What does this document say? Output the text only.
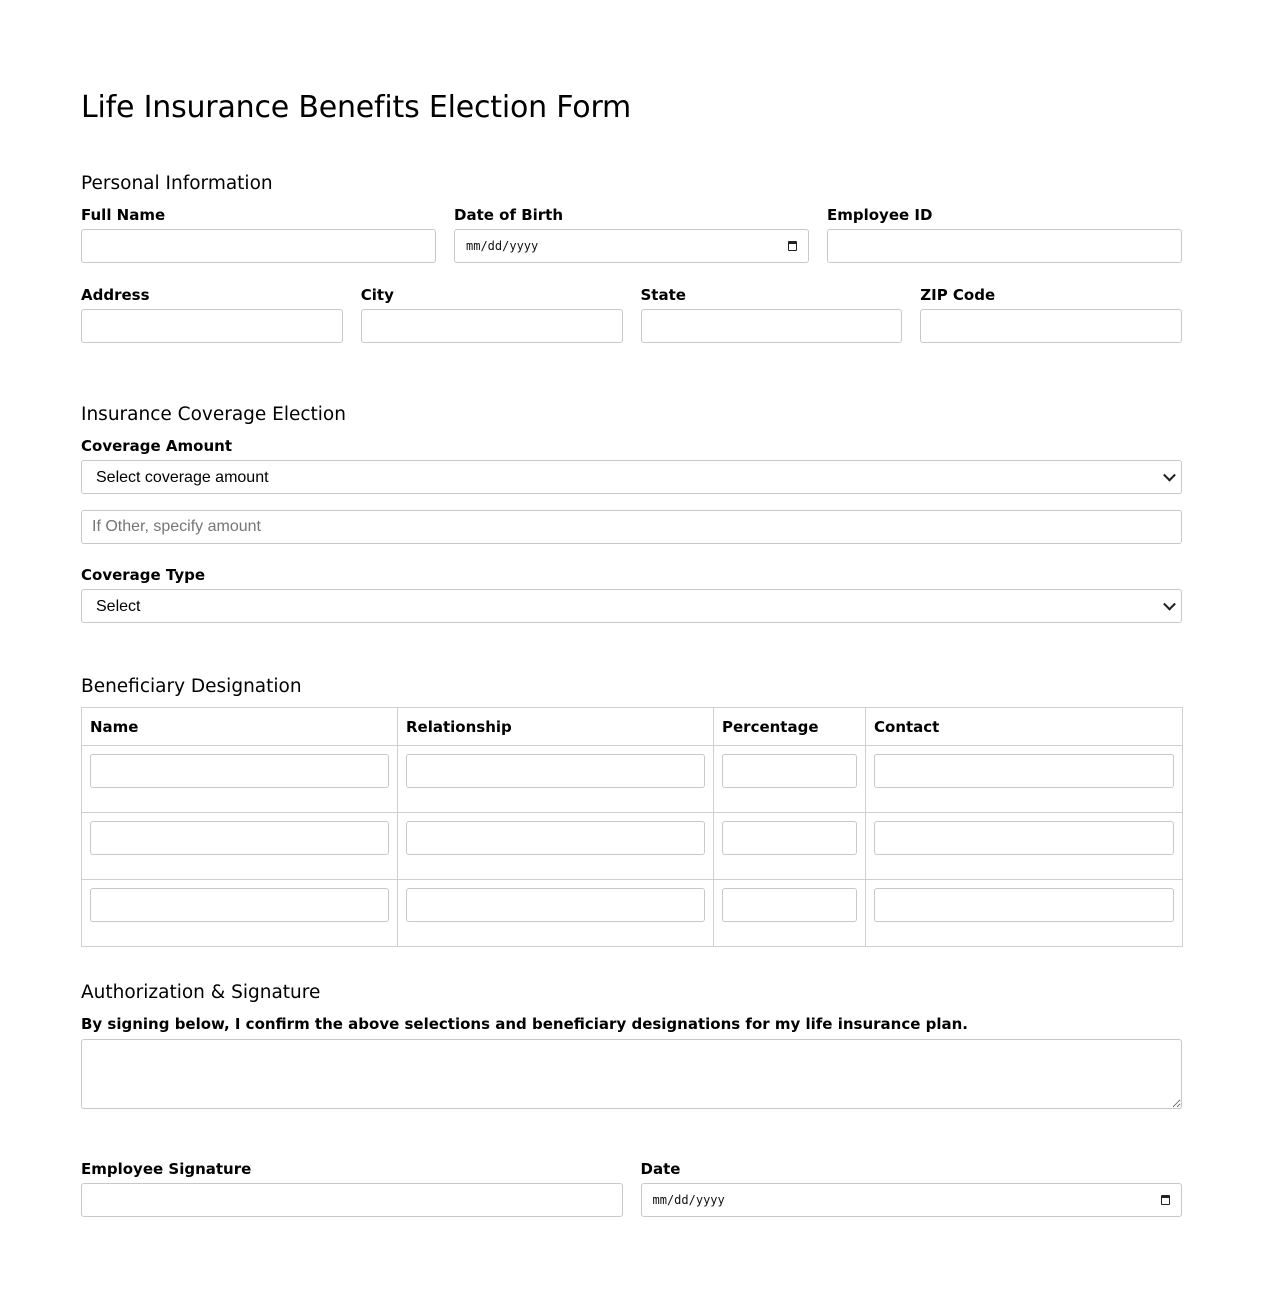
Life Insurance Benefits Election Form
Personal Information
Full Name	Date of Birth
mm/dd/yyyy
Employee ID
Address	City	State	ZIP Code
Insurance Coverage Election
Coverage Amount
Select coverage amount
If Other, specify amount
Coverage Type
Select
Beneficiary Designation
Name	Relationship	Percentage	Contact

Authorization & Signature

By signing below, I confirm the above selections and beneficiary designations for my life insurance plan.

Employee Signature	Date
mm/dd/yyyy
